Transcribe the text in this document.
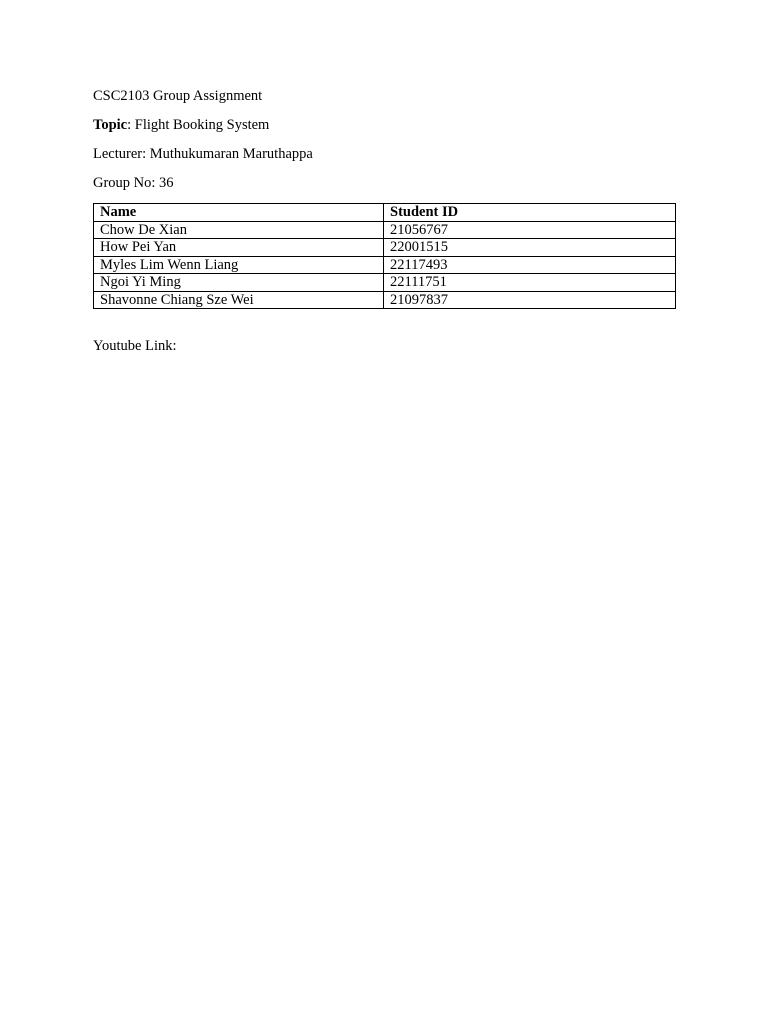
CSC2103 Group Assignment
Topic: Flight Booking System
Lecturer: Muthukumaran Maruthappa
Group No: 36
Name	Student ID
Chow De Xian	21056767
How Pei Yan	22001515
Myles Lim Wenn Liang	22117493
Ngoi Yi Ming	22111751
Shavonne Chiang Sze Wei	21097837
Youtube Link:
